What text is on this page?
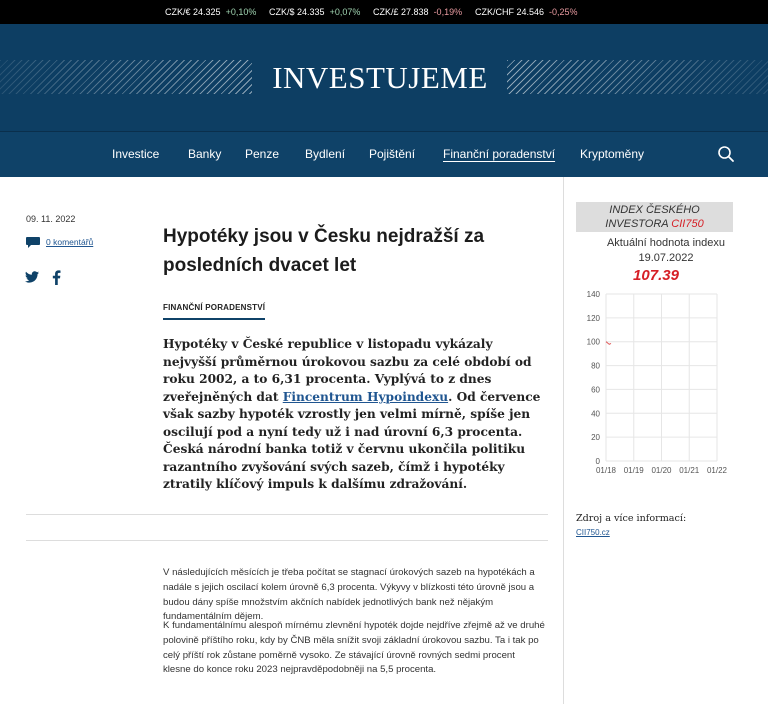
CZK/€ 24.325 +0,10% CZK/$ 24.335 +0,07% CZK/£ 27.838 -0,19% CZK/CHF 24.546 -0,25%
INVESTUJEME
Investice Banky Penze Bydlení Pojištění Finanční poradenství Kryptoměny
09. 11. 2022
0 komentářů	Hypotéky jsou v Česku nejdražší za posledních dvacet let
FINANČNÍ PORADENSTVÍ

Hypotéky v České republice v listopadu vykázaly nejvyšší průměrnou úrokovou sazbu za celé období od roku 2002, a to 6,31 procenta. Vyplývá to z dnes zveřejněných dat Fincentrum Hypoindexu. Od července však sazby hypoték vzrostly jen velmi mírně, spíše jen oscilují pod a nyní tedy už i nad úrovní 6,3 procenta. Česká národní banka totiž v červnu ukončila politiku razantního zvyšování svých sazeb, čímž i hypotéky ztratily klíčový impuls k dalšímu zdražování.

V následujících měsících je třeba počítat se stagnací úrokových sazeb na hypotékách a nadále s jejich oscilací kolem úrovně 6,3 procenta. Výkyvy v blízkosti této úrovně jsou a budou dány spíše množstvím akčních nabídek jednotlivých bank než nějakým fundamentálním dějem.

K fundamentálnímu alespoň mírnému zlevnění hypoték dojde nejdříve zřejmě až ve druhé polovině příštího roku, kdy by ČNB měla snížit svoji základní úrokovou sazbu. Ta i tak po celý příští rok zůstane poměrně vysoko. Ze stávající úrovně rovných sedmi procent klesne do konce roku 2023 nejpravděpodobněji na 5,5 procenta.

INDEX ČESKÉHO
INVESTORA CII750
Aktuální hodnota indexu
19.07.2022
107.39
0
20
40
60
80
100
120
140
01/18 01/19 01/20 01/21 01/22
Zdroj a více informací:
CII750.cz
